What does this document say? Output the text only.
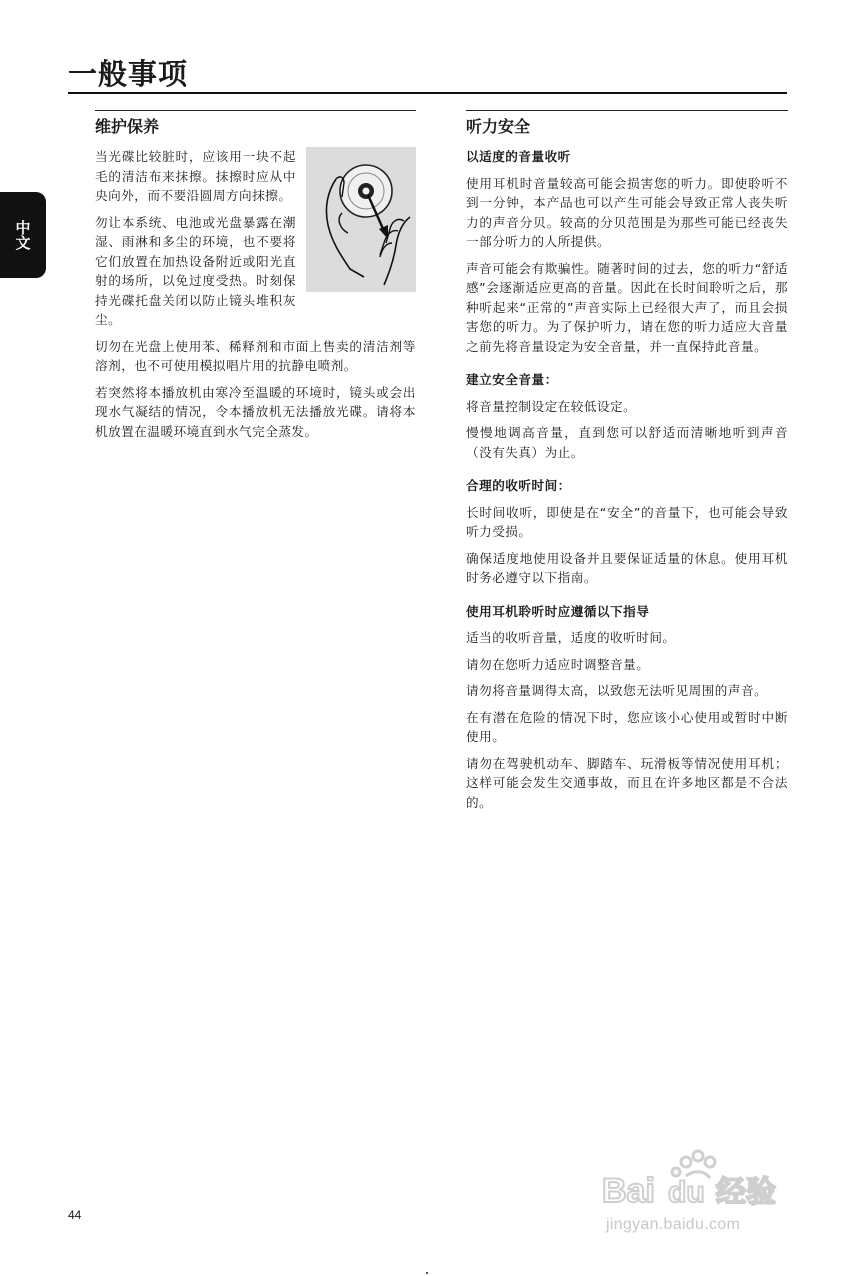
一般事项
中文
维护保养

当光碟比较脏时，应该用一块不起毛的清洁布来抹擦。抹擦时应从中央向外，而不要沿圆周方向抹擦。

勿让本系统、电池或光盘暴露在潮湿、雨淋和多尘的环境，也不要将它们放置在加热设备附近或阳光直射的场所，以免过度受热。时刻保持光碟托盘关闭以防止镜头堆积灰尘。

切勿在光盘上使用苯、稀释剂和市面上售卖的清洁剂等溶剂，也不可使用模拟唱片用的抗静电喷剂。

若突然将本播放机由寒冷至温暖的环境时，镜头或会出现水气凝结的情况，令本播放机无法播放光碟。请将本机放置在温暖环境直到水气完全蒸发。

听力安全
以适度的音量收听

使用耳机时音量较高可能会损害您的听力。即使聆听不到一分钟，本产品也可以产生可能会导致正常人丧失听力的声音分贝。较高的分贝范围是为那些可能已经丧失一部分听力的人所提供。

声音可能会有欺骗性。随著时间的过去，您的听力“舒适感”会逐渐适应更高的音量。因此在长时间聆听之后，那种听起来“正常的”声音实际上已经很大声了，而且会损害您的听力。为了保护听力，请在您的听力适应大音量之前先将音量设定为安全音量，并一直保持此音量。

建立安全音量：

将音量控制设定在较低设定。

慢慢地调高音量，直到您可以舒适而清晰地听到声音（没有失真）为止。

合理的收听时间：

长时间收听，即使是在“安全”的音量下，也可能会导致听力受损。

确保适度地使用设备并且要保证适量的休息。使用耳机时务必遵守以下指南。

使用耳机聆听时应遵循以下指导

适当的收听音量，适度的收听时间。

请勿在您听力适应时调整音量。

请勿将音量调得太高，以致您无法听见周围的声音。

在有潜在危险的情况下时，您应该小心使用或暂时中断使用。

请勿在驾驶机动车、脚踏车、玩滑板等情况使用耳机；这样可能会发生交通事故，而且在许多地区都是不合法的。

44
Bai du 经验
jingyan.baidu.com
